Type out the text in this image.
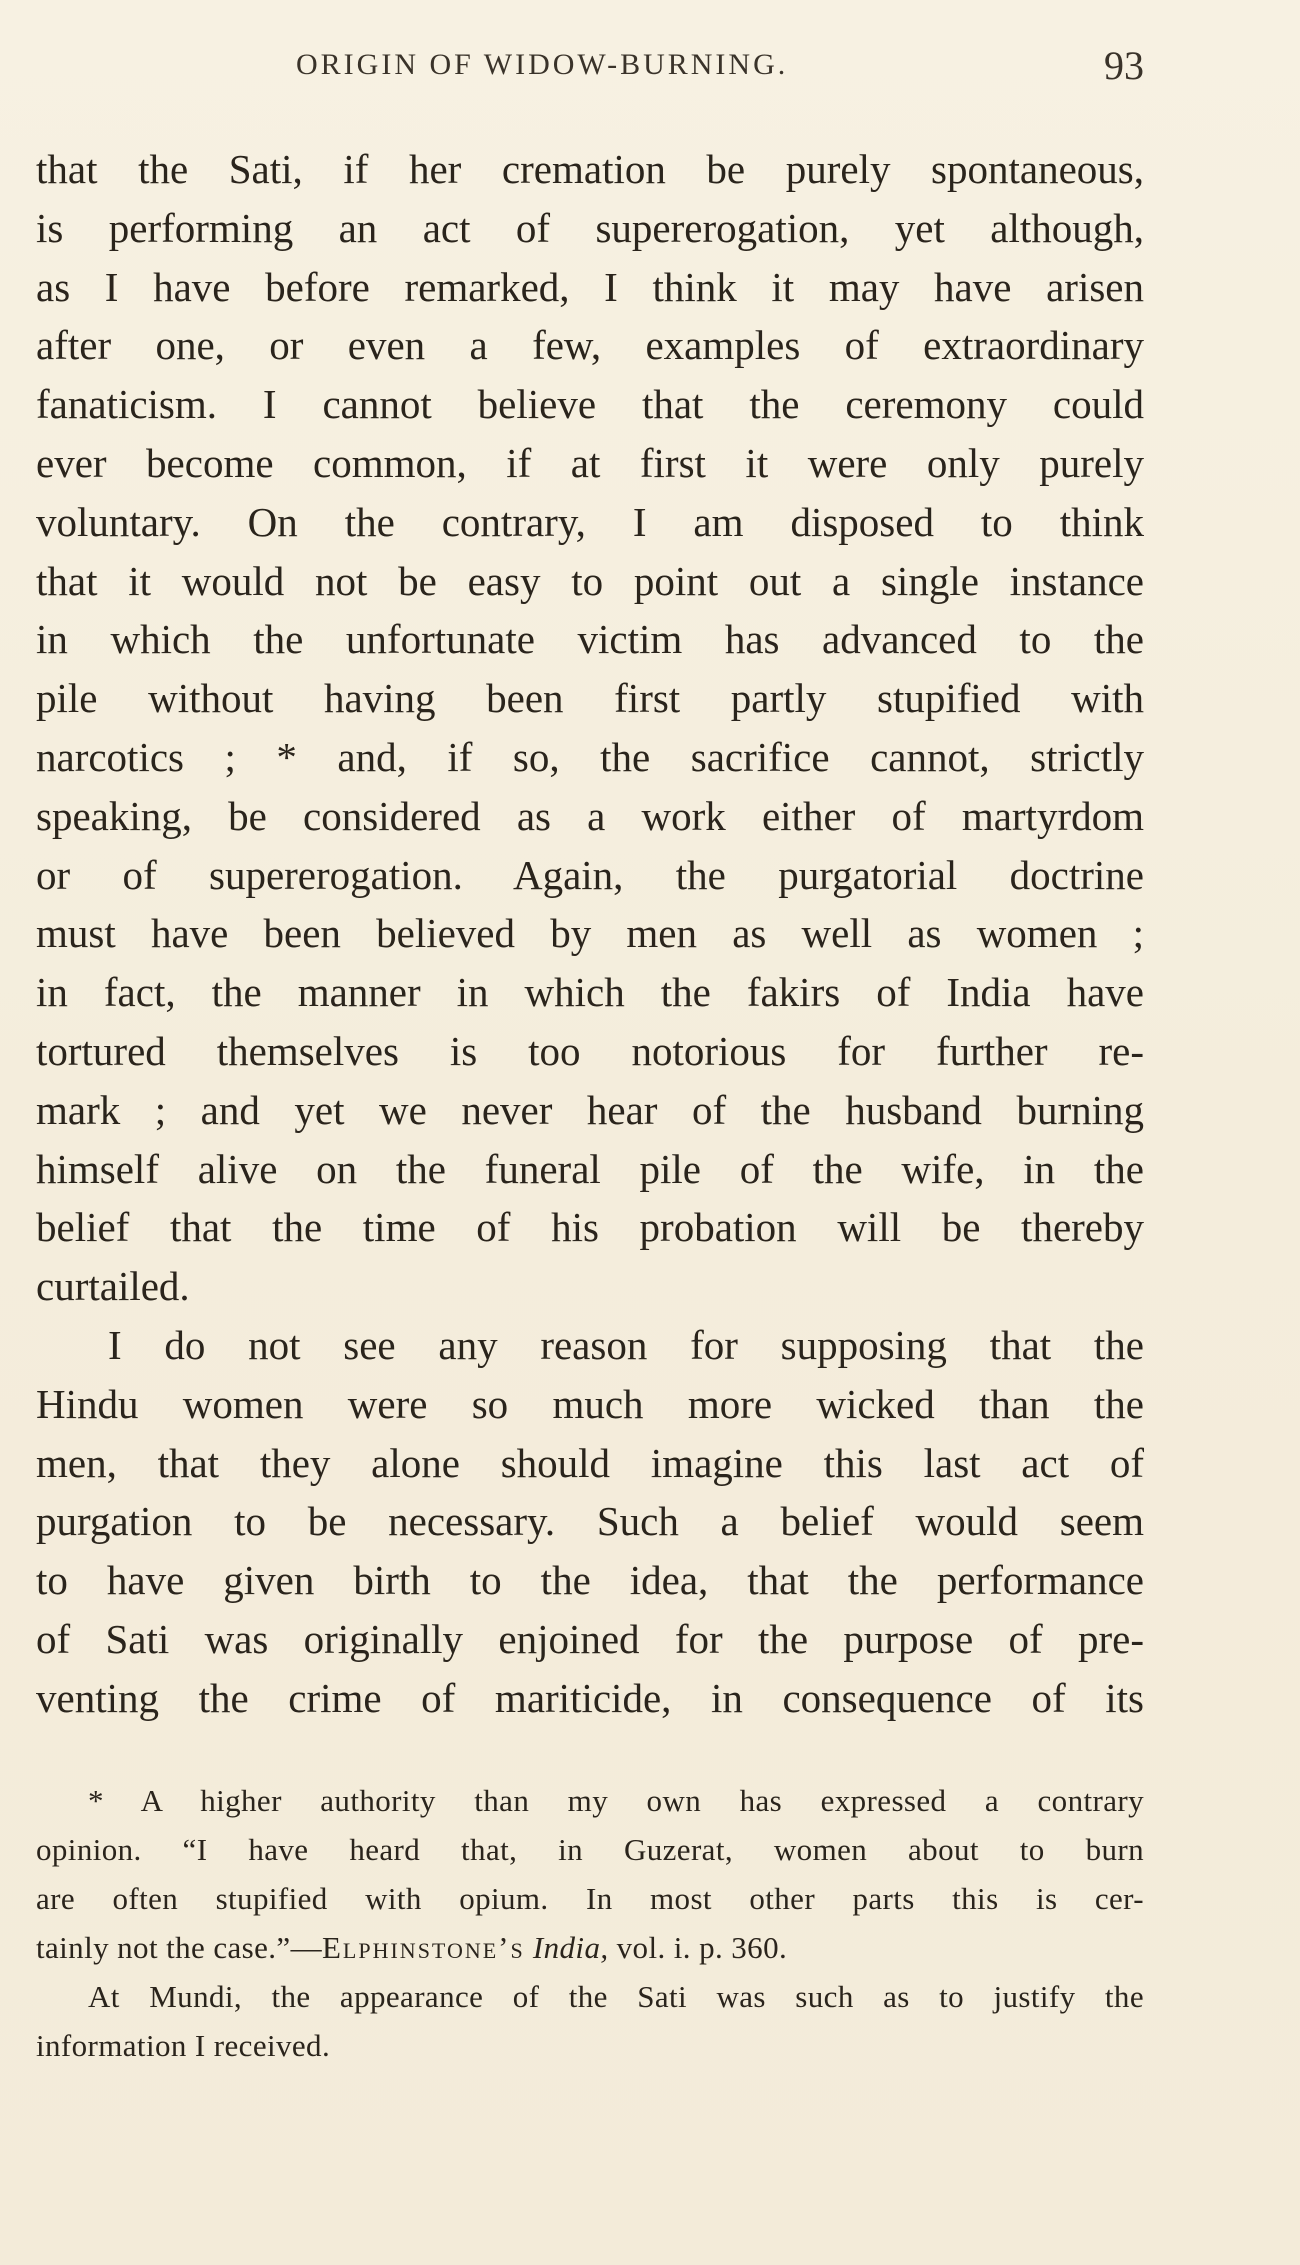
ORIGIN OF WIDOW-BURNING.	93
that the Sati, if her cremation be purely spontaneous,
is performing an act of supererogation, yet although,
as I have before remarked, I think it may have arisen
after one, or even a few, examples of extraordinary
fanaticism. I cannot believe that the ceremony could
ever become common, if at first it were only purely
voluntary. On the contrary, I am disposed to think
that it would not be easy to point out a single instance
in which the unfortunate victim has advanced to the
pile without having been first partly stupified with
narcotics ; * and, if so, the sacrifice cannot, strictly
speaking, be considered as a work either of martyrdom
or of supererogation. Again, the purgatorial doctrine
must have been believed by men as well as women ;
in fact, the manner in which the fakirs of India have
tortured themselves is too notorious for further re-
mark ; and yet we never hear of the husband burning
himself alive on the funeral pile of the wife, in the
belief that the time of his probation will be thereby
curtailed.
I do not see any reason for supposing that the
Hindu women were so much more wicked than the
men, that they alone should imagine this last act of
purgation to be necessary. Such a belief would seem
to have given birth to the idea, that the performance
of Sati was originally enjoined for the purpose of pre-
venting the crime of mariticide, in consequence of its
* A higher authority than my own has expressed a contrary
opinion. “I have heard that, in Guzerat, women about to burn
are often stupified with opium. In most other parts this is cer-
tainly not the case.”—Elphinstone’s India, vol. i. p. 360.
At Mundi, the appearance of the Sati was such as to justify the
information I received.
